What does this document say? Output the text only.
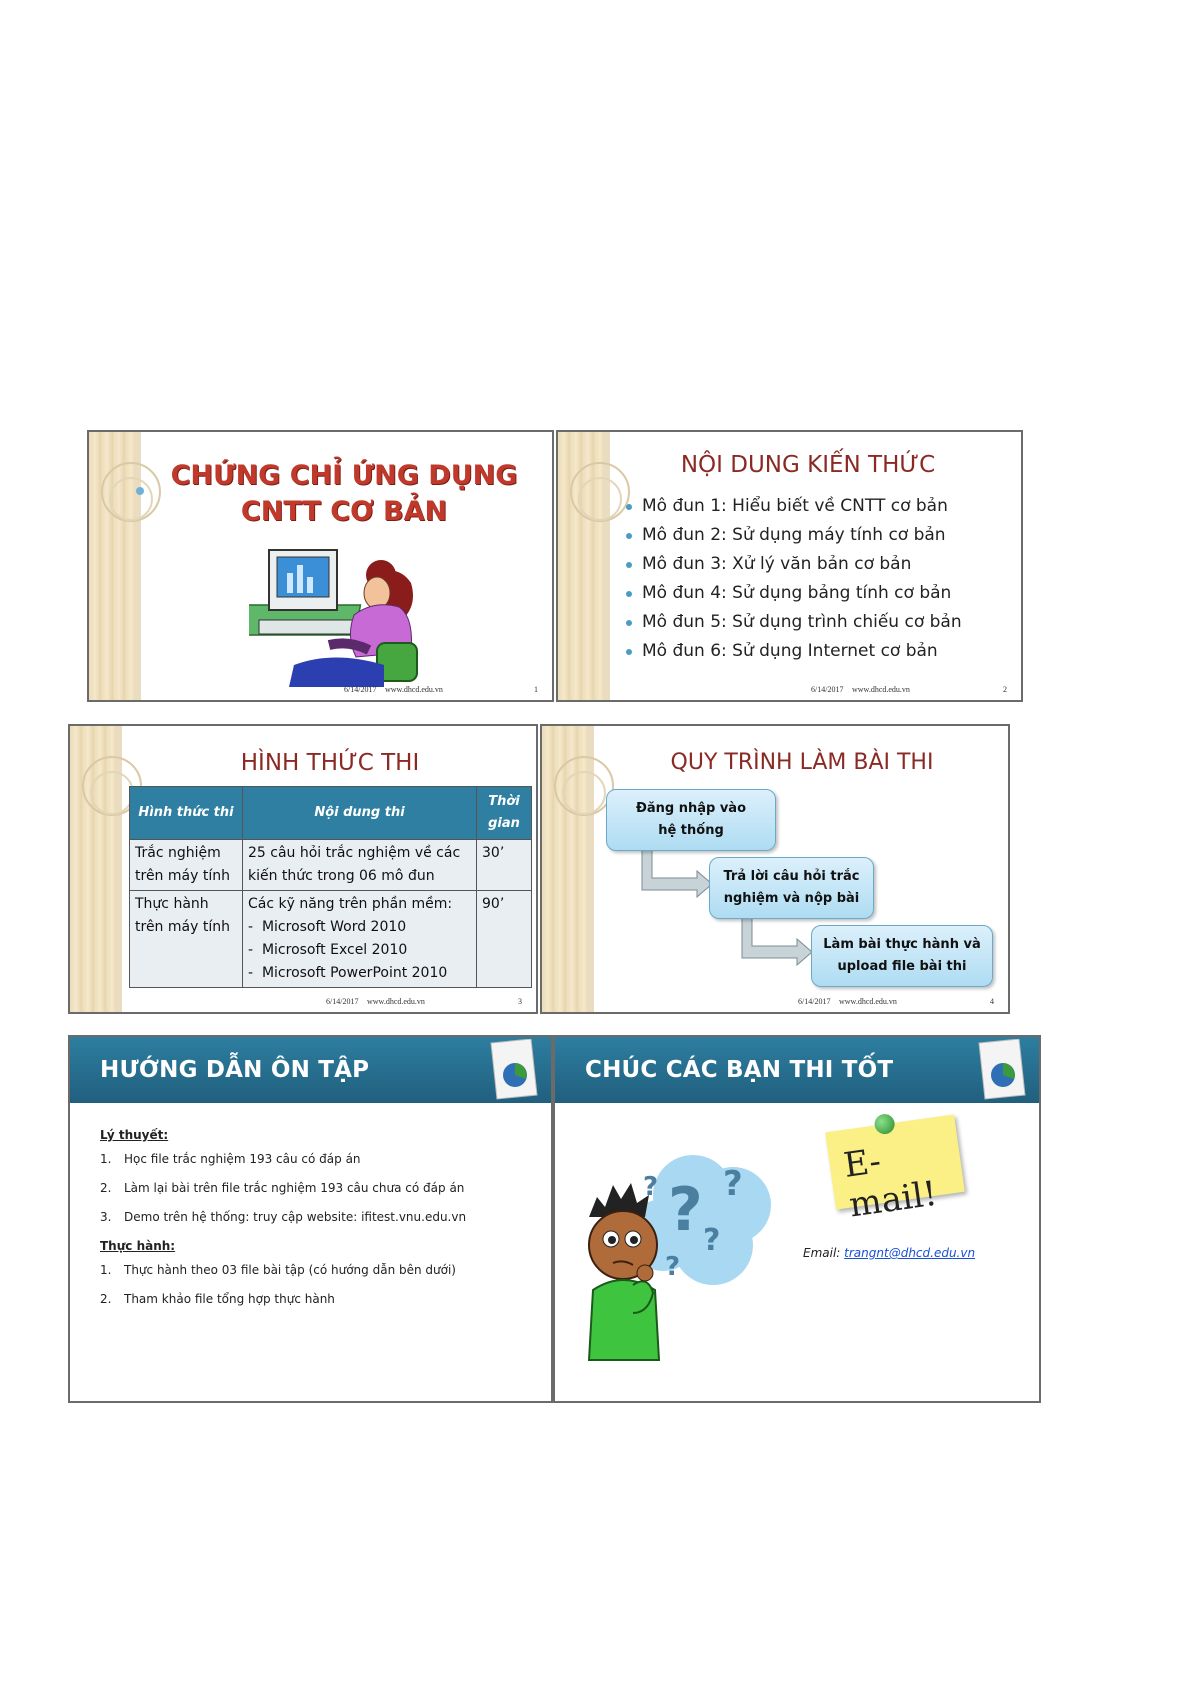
CHỨNG CHỈ ỨNG DỤNG
CNTT CƠ BẢN
6/14/2017 www.dhcd.edu.vn	1
NỘI DUNG KIẾN THỨC
Mô đun 1: Hiểu biết về CNTT cơ bản
Mô đun 2: Sử dụng máy tính cơ bản
Mô đun 3: Xử lý văn bản cơ bản
Mô đun 4: Sử dụng bảng tính cơ bản
Mô đun 5: Sử dụng trình chiếu cơ bản
Mô đun 6: Sử dụng Internet cơ bản
6/14/2017 www.dhcd.edu.vn	2
HÌNH THỨC THI
Hình thức thi	Nội dung thi	Thời gian
Trắc nghiệm trên máy tính	25 câu hỏi trắc nghiệm về các kiến thức trong 06 mô đun	30’
Thực hành trên máy tính	Các kỹ năng trên phần mềm:
-  Microsoft Word 2010
-  Microsoft Excel 2010
-  Microsoft PowerPoint 2010	90’
6/14/2017 www.dhcd.edu.vn	3
QUY TRÌNH LÀM BÀI THI
Đăng nhập vào
hệ thống
Trả lời câu hỏi trắc
nghiệm và nộp bài
Làm bài thực hành và
upload file bài thi
6/14/2017 www.dhcd.edu.vn	4
HƯỚNG DẪN ÔN TẬP
Lý thuyết:
1.	Học file trắc nghiệm 193 câu có đáp án
2.	Làm lại bài trên file trắc nghiệm 193 câu chưa có đáp án
3.	Demo trên hệ thống: truy cập website: ifitest.vnu.edu.vn
Thực hành:
1.	Thực hành theo 03 file bài tập (có hướng dẫn bên dưới)
2.	Tham khảo file tổng hợp thực hành
CHÚC CÁC BẠN THI TỐT
? ?
?
?
?
E-mail!
Email: trangnt@dhcd.edu.vn
